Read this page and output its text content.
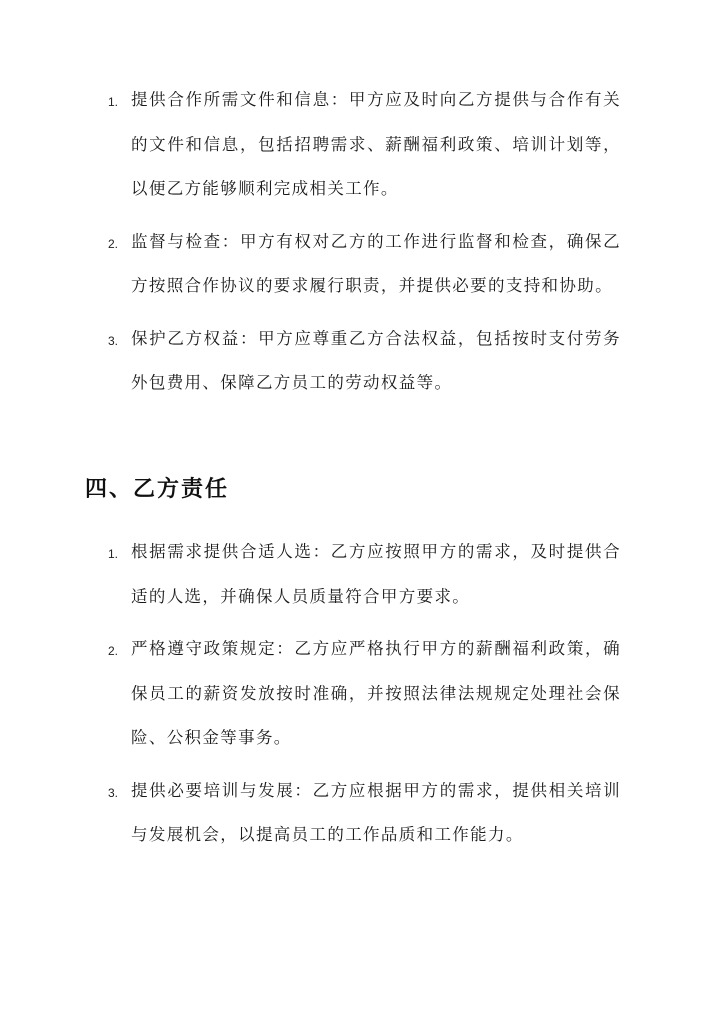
1. 提供合作所需文件和信息：甲方应及时向乙方提供与合作有关的文件和信息，包括招聘需求、薪酬福利政策、培训计划等，以便乙方能够顺利完成相关工作。
2. 监督与检查：甲方有权对乙方的工作进行监督和检查，确保乙方按照合作协议的要求履行职责，并提供必要的支持和协助。
3. 保护乙方权益：甲方应尊重乙方合法权益，包括按时支付劳务外包费用、保障乙方员工的劳动权益等。
四、乙方责任
1. 根据需求提供合适人选：乙方应按照甲方的需求，及时提供合适的人选，并确保人员质量符合甲方要求。
2. 严格遵守政策规定：乙方应严格执行甲方的薪酬福利政策，确保员工的薪资发放按时准确，并按照法律法规规定处理社会保险、公积金等事务。
3. 提供必要培训与发展：乙方应根据甲方的需求，提供相关培训与发展机会，以提高员工的工作品质和工作能力。
